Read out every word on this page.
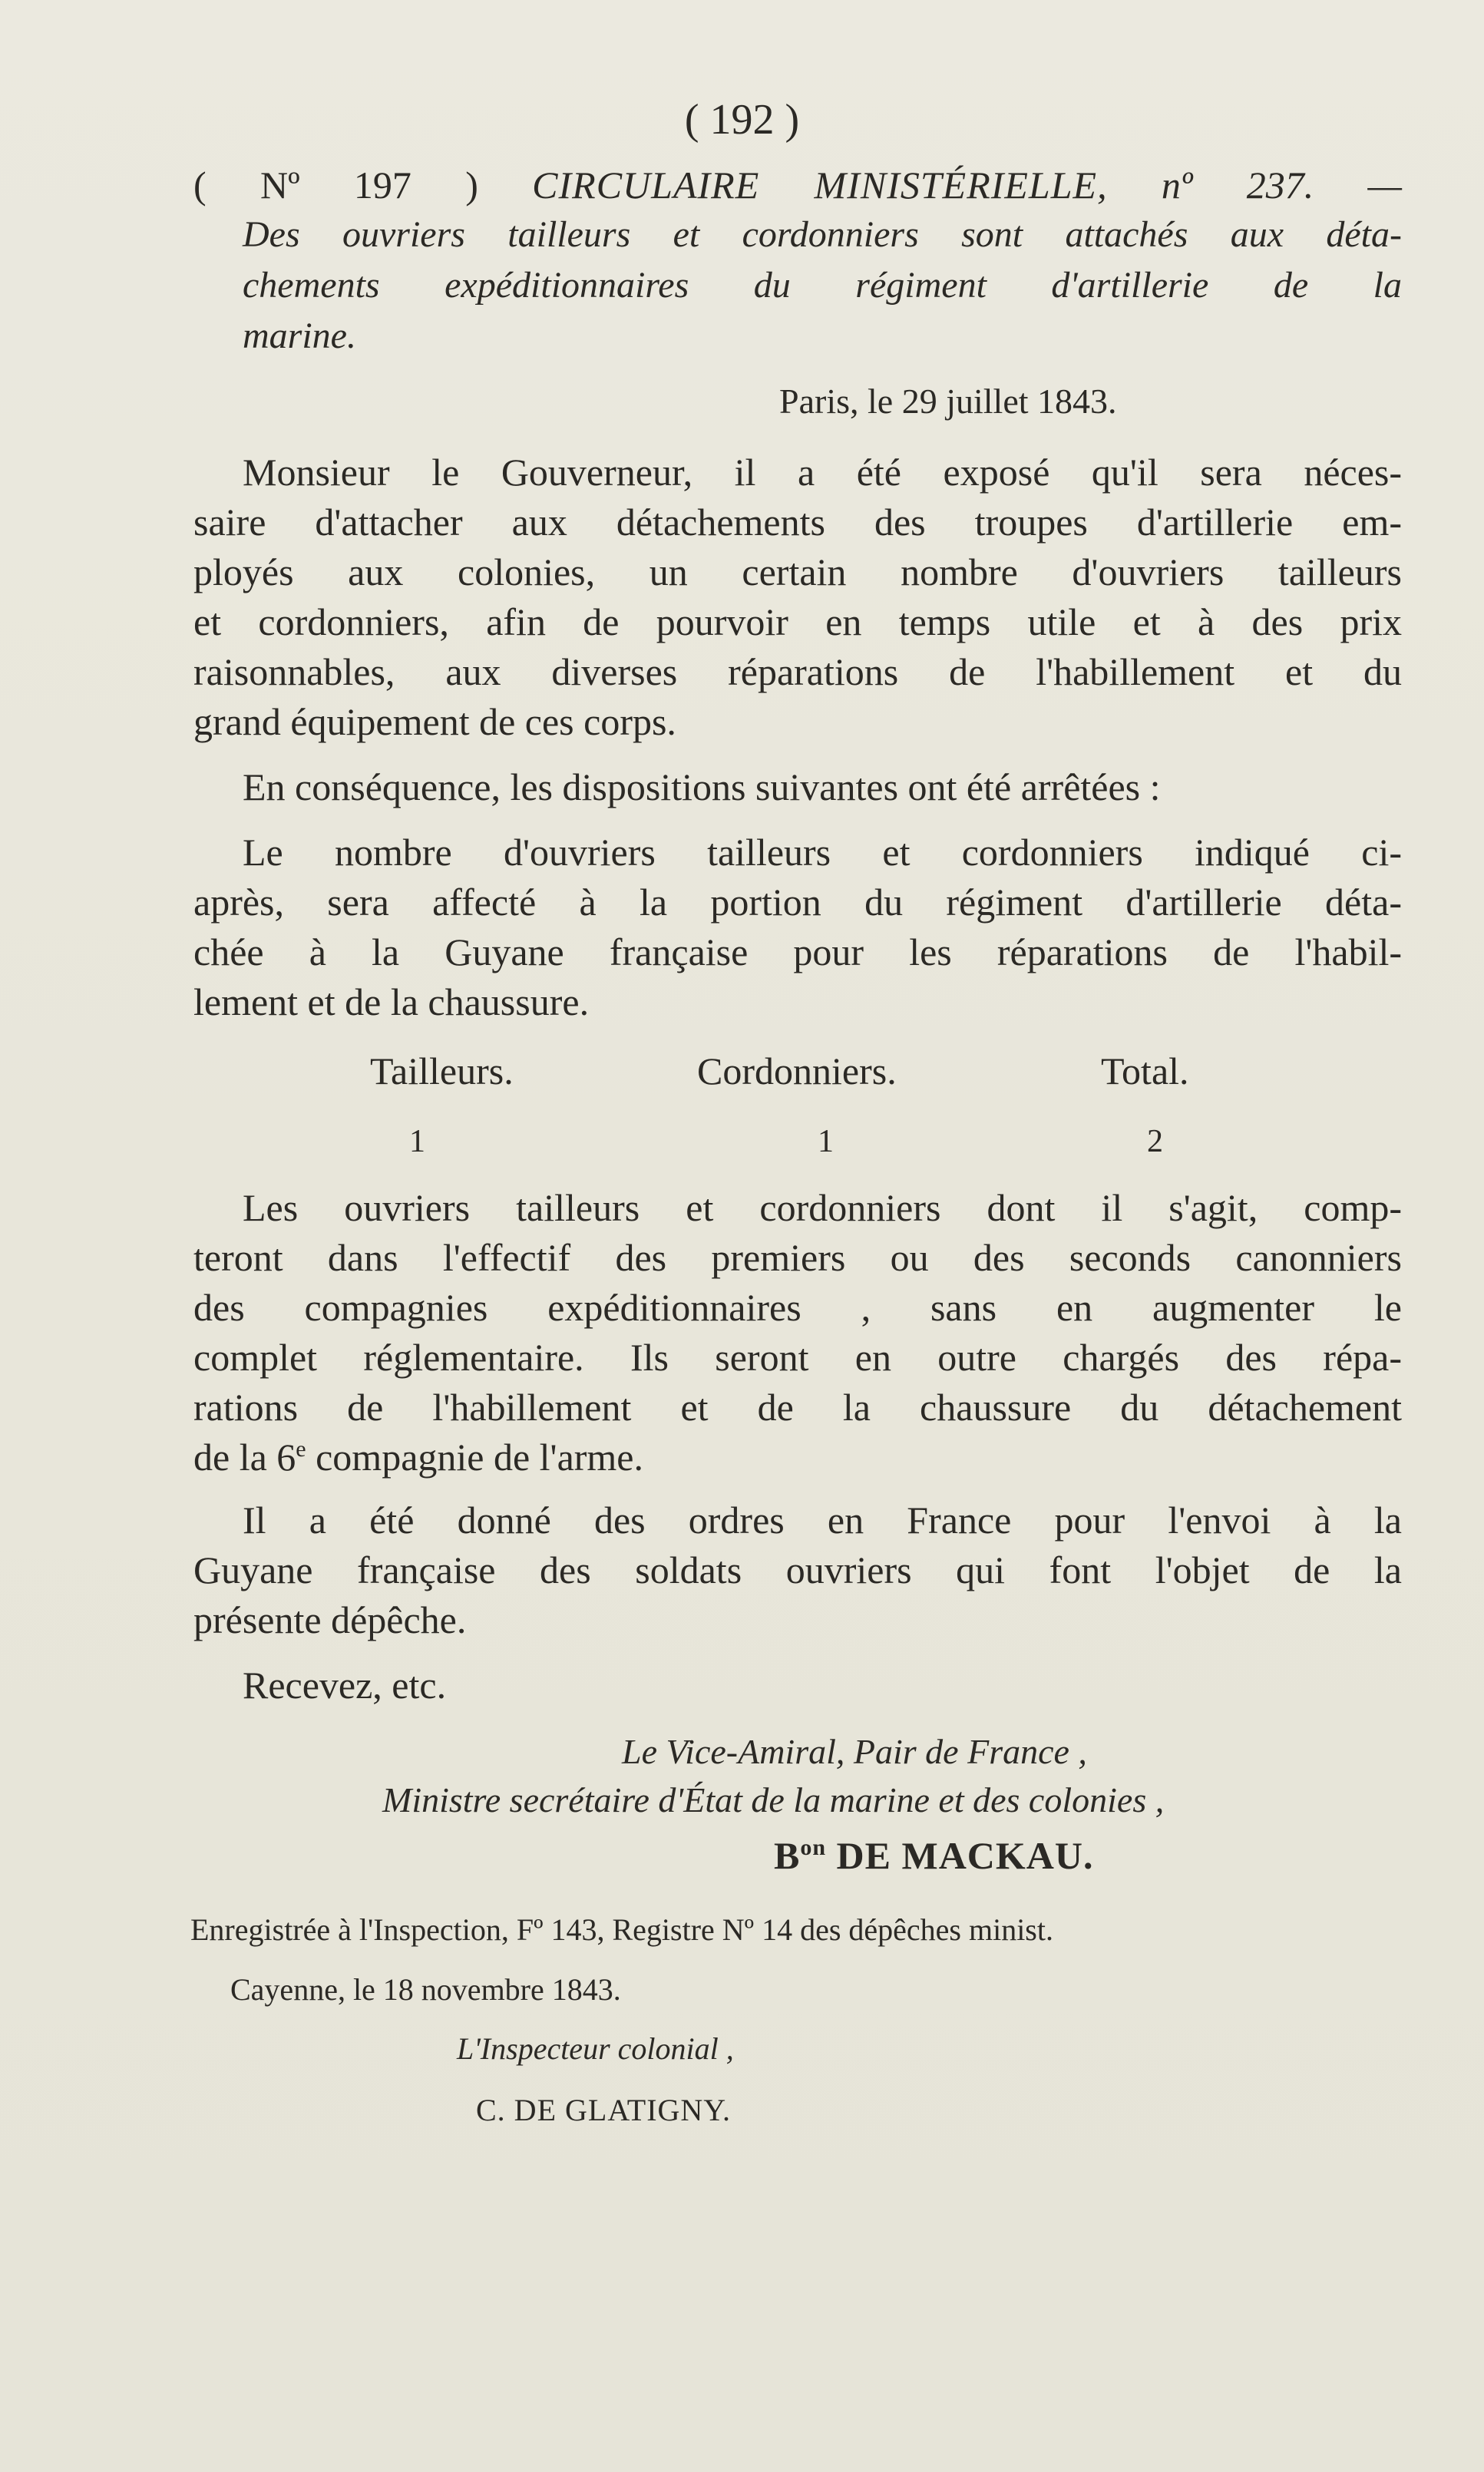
( 192 )
( Nº 197 ) CIRCULAIRE MINISTÉRIELLE, nº 237. —
Des ouvriers tailleurs et cordonniers sont attachés aux déta-
chements expéditionnaires du régiment d'artillerie de la
marine.
Paris, le 29 juillet 1843.
Monsieur le Gouverneur, il a été exposé qu'il sera néces-
saire d'attacher aux détachements des troupes d'artillerie em-
ployés aux colonies, un certain nombre d'ouvriers tailleurs
et cordonniers, afin de pourvoir en temps utile et à des prix
raisonnables, aux diverses réparations de l'habillement et du
grand équipement de ces corps.
En conséquence, les dispositions suivantes ont été arrêtées :
Le nombre d'ouvriers tailleurs et cordonniers indiqué ci-
après, sera affecté à la portion du régiment d'artillerie déta-
chée à la Guyane française pour les réparations de l'habil-
lement et de la chaussure.
Tailleurs.	Cordonniers.	Total.
1	1	2
Les ouvriers tailleurs et cordonniers dont il s'agit, comp-
teront dans l'effectif des premiers ou des seconds canonniers
des compagnies expéditionnaires , sans en augmenter le
complet réglementaire. Ils seront en outre chargés des répa-
rations de l'habillement et de la chaussure du détachement
de la 6e compagnie de l'arme.
Il a été donné des ordres en France pour l'envoi à la
Guyane française des soldats ouvriers qui font l'objet de la
présente dépêche.
Recevez, etc.
Le Vice-Amiral, Pair de France ,
Ministre secrétaire d'État de la marine et des colonies ,
$B^{on}$ DE MACKAU.
Enregistrée à l'Inspection, Fº 143, Registre Nº 14 des dépêches minist.
Cayenne, le 18 novembre 1843.
L'Inspecteur colonial ,
C. DE GLATIGNY.
